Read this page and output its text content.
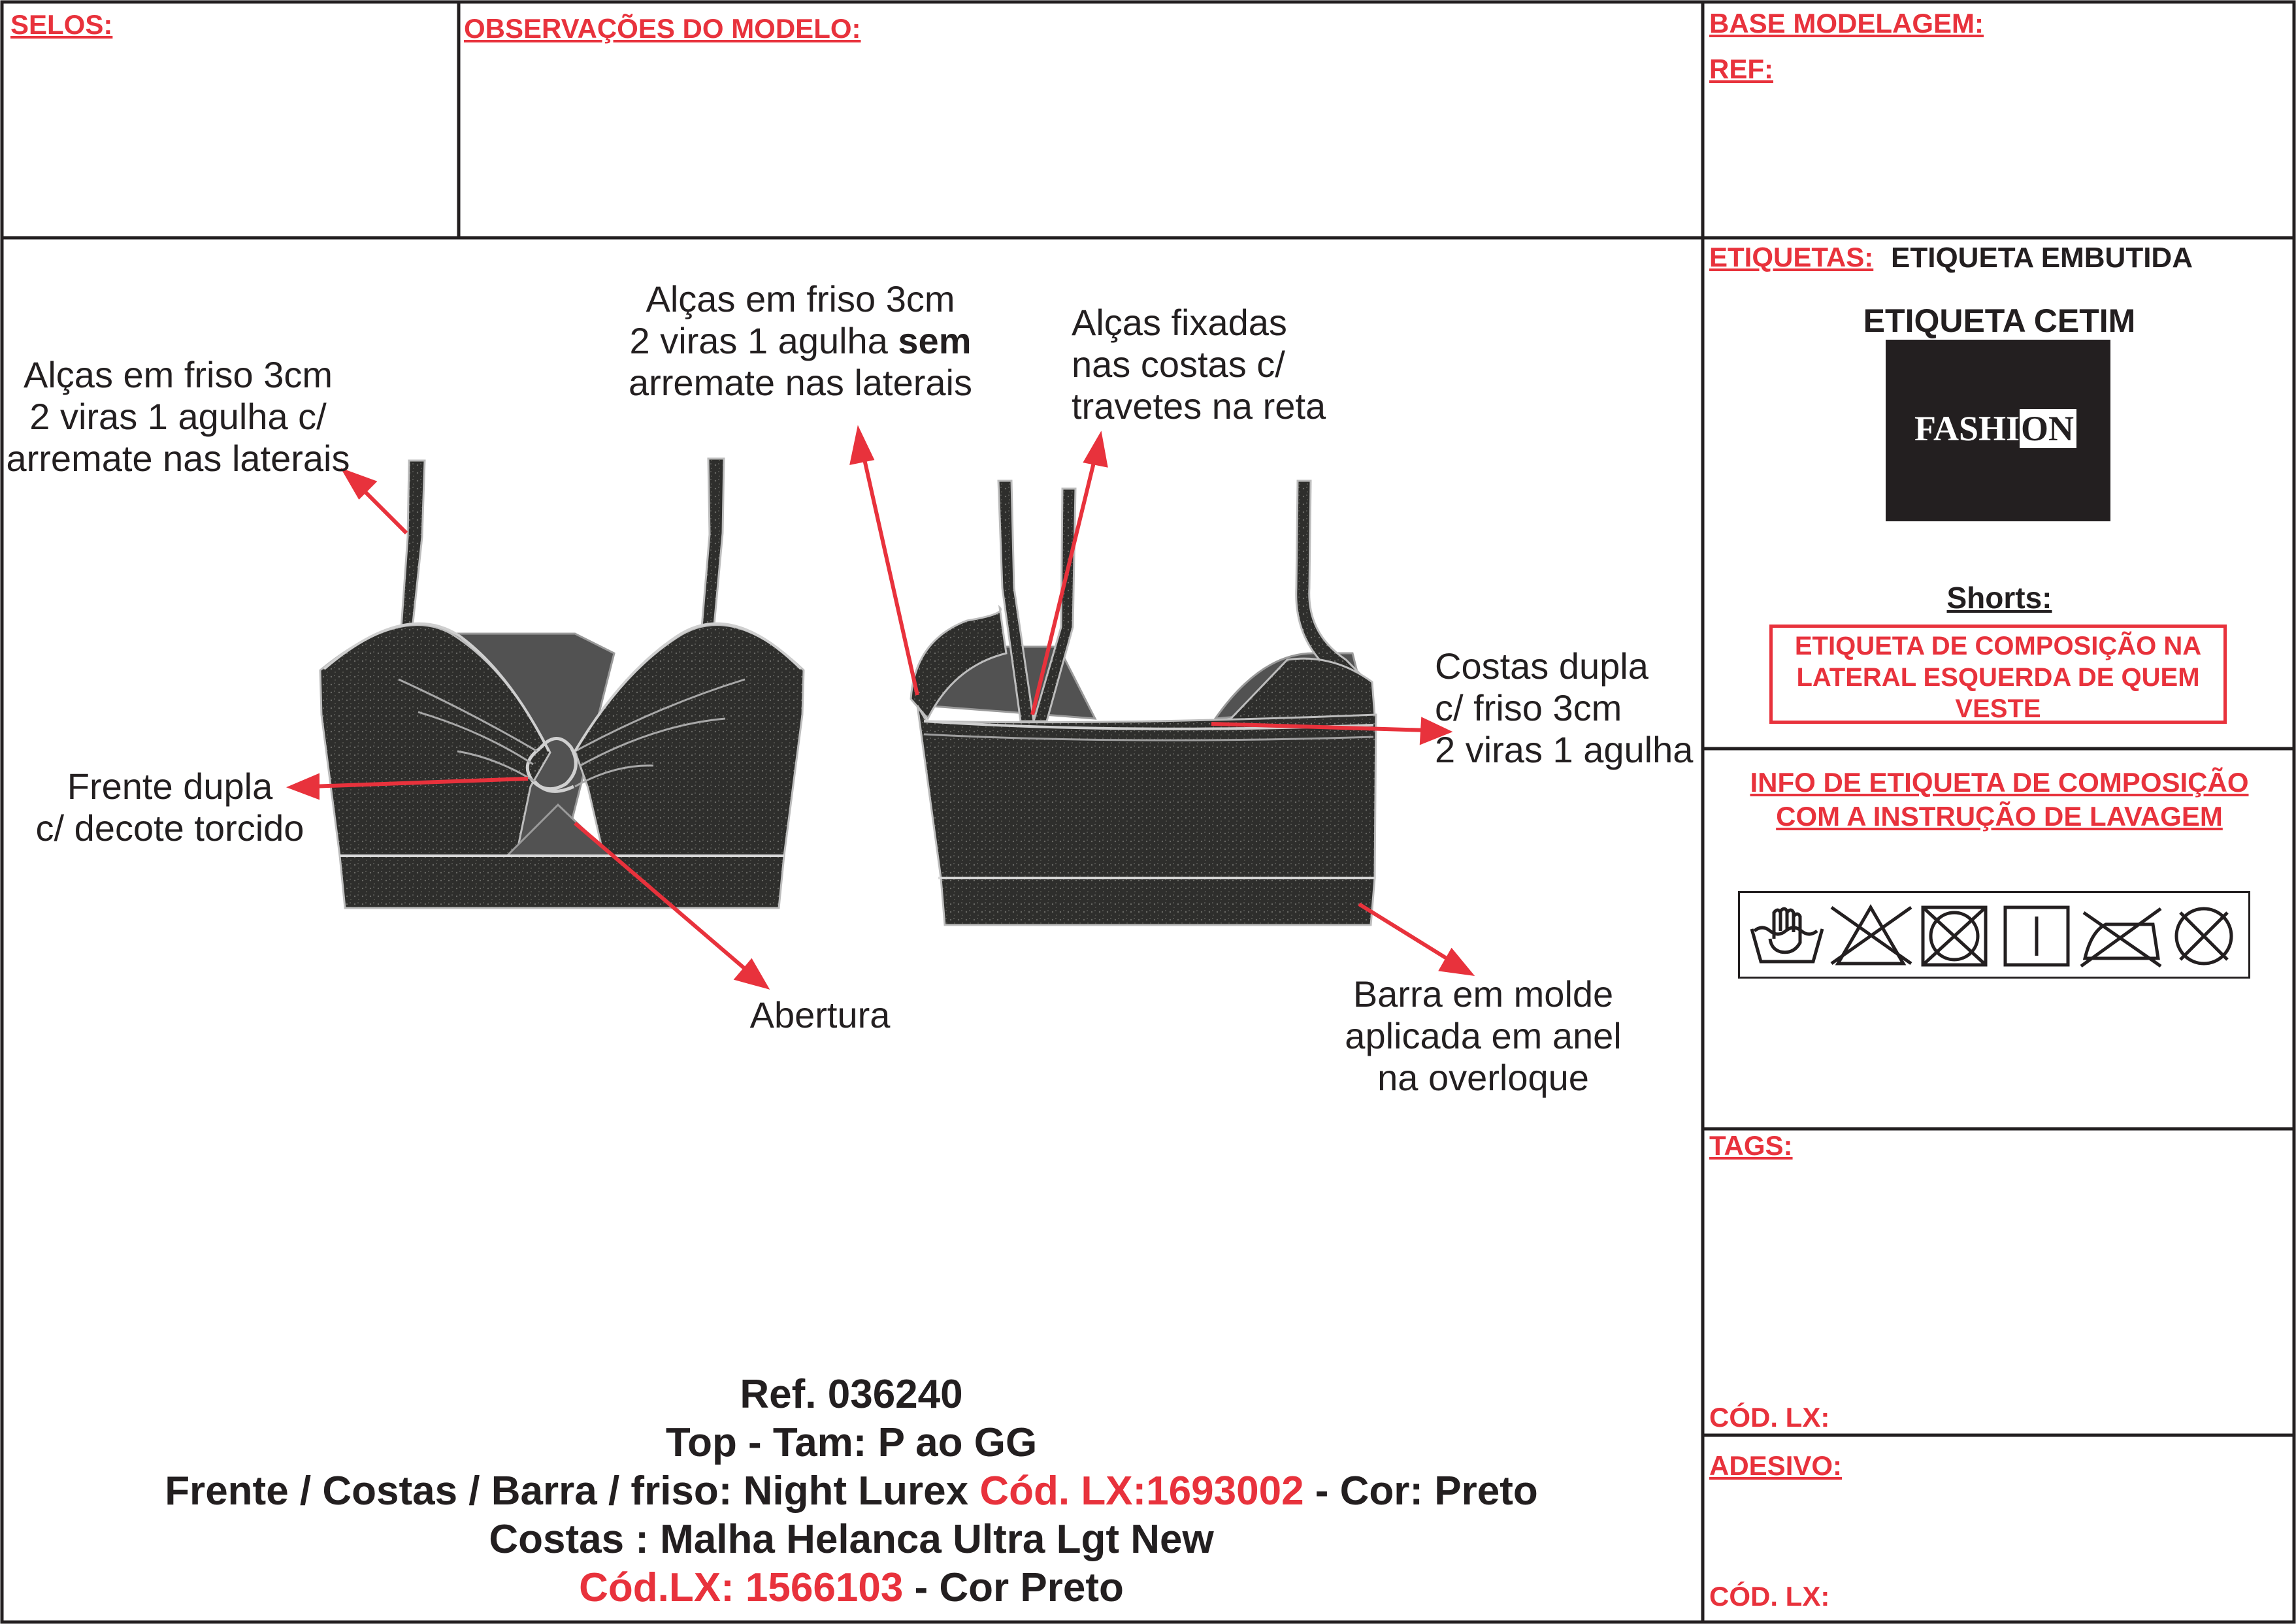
SELOS:	OBSERVAÇÕES DO MODELO:	BASE MODELAGEM:
REF:
ETIQUETAS: ETIQUETA EMBUTIDA
ETIQUETA CETIM
FASHION
Shorts:
ETIQUETA DE COMPOSIÇÃO NA
LATERAL ESQUERDA DE QUEM
VESTE
INFO DE ETIQUETA DE COMPOSIÇÃO
COM A INSTRUÇÃO DE LAVAGEM
TAGS:
CÓD. LX:
ADESIVO:
CÓD. LX:
Alças em friso 3cm
2 viras 1 agulha c/
arremate nas laterais
Alças em friso 3cm
2 viras 1 agulha sem
arremate nas laterais
Alças fixadas
nas costas c/
travetes na reta
Costas dupla
c/ friso 3cm
2 viras 1 agulha
Frente dupla
c/ decote torcido
Abertura
Barra em molde
aplicada em anel
na overloque
Ref. 036240
Top - Tam: P ao GG
Frente / Costas / Barra / friso: Night Lurex Cód. LX:1693002 - Cor: Preto
Costas : Malha Helanca Ultra Lgt New
Cód.LX: 1566103 - Cor Preto
